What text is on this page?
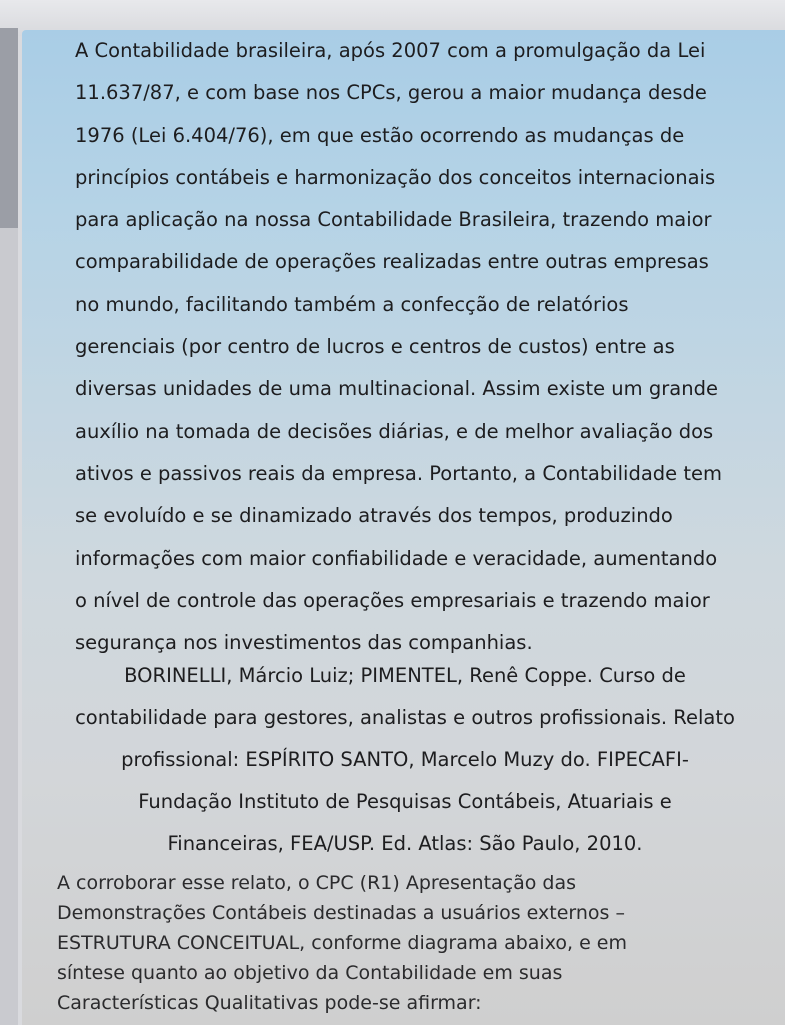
A Contabilidade brasileira, após 2007 com a promulgação da Lei
11.637/87, e com base nos CPCs, gerou a maior mudança desde
1976 (Lei 6.404/76), em que estão ocorrendo as mudanças de
princípios contábeis e harmonização dos conceitos internacionais
para aplicação na nossa Contabilidade Brasileira, trazendo maior
comparabilidade de operações realizadas entre outras empresas
no mundo, facilitando também a confecção de relatórios
gerenciais (por centro de lucros e centros de custos) entre as
diversas unidades de uma multinacional. Assim existe um grande
auxílio na tomada de decisões diárias, e de melhor avaliação dos
ativos e passivos reais da empresa. Portanto, a Contabilidade tem
se evoluído e se dinamizado através dos tempos, produzindo
informações com maior confiabilidade e veracidade, aumentando
o nível de controle das operações empresariais e trazendo maior
segurança nos investimentos das companhias.
BORINELLI, Márcio Luiz; PIMENTEL, Renê Coppe. Curso de
contabilidade para gestores, analistas e outros profissionais. Relato
profissional: ESPÍRITO SANTO, Marcelo Muzy do. FIPECAFI-
Fundação Instituto de Pesquisas Contábeis, Atuariais e
Financeiras, FEA/USP. Ed. Atlas: São Paulo, 2010.
A corroborar esse relato, o CPC (R1) Apresentação das
Demonstrações Contábeis destinadas a usuários externos –
ESTRUTURA CONCEITUAL, conforme diagrama abaixo, e em
síntese quanto ao objetivo da Contabilidade em suas
Características Qualitativas pode-se afirmar:
